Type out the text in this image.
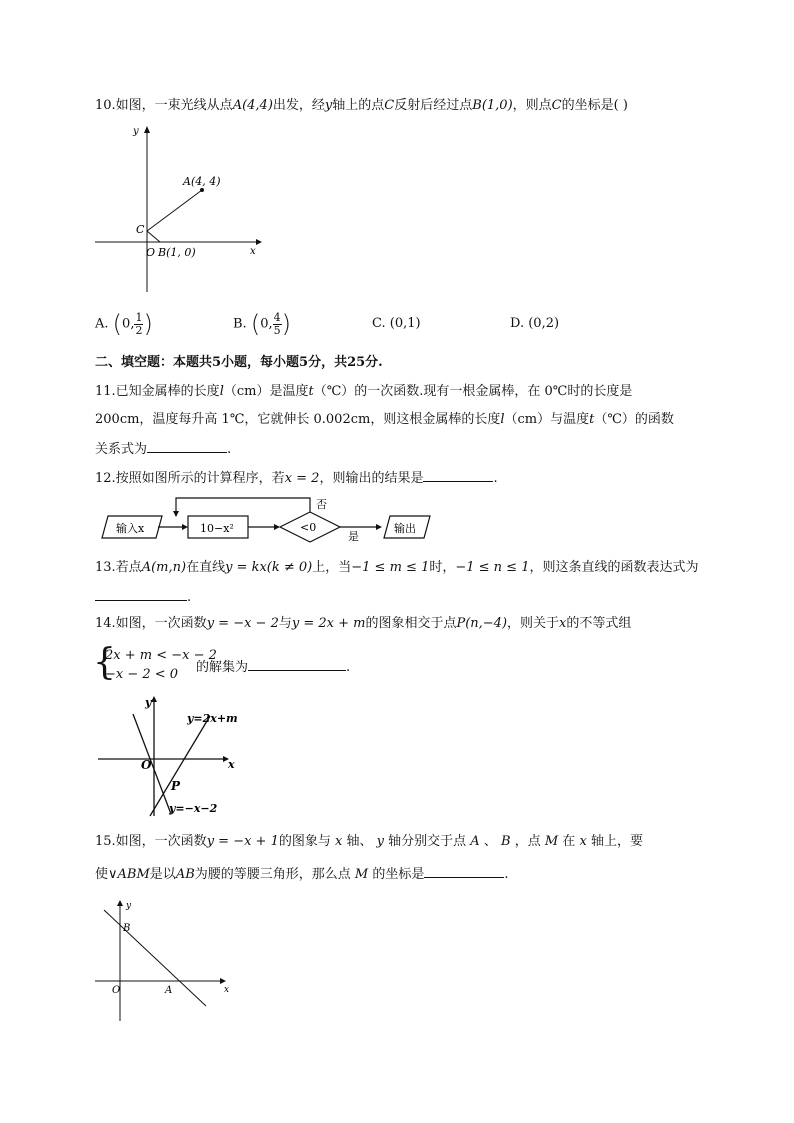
10.如图，一束光线从点A(4,4)出发，经y轴上的点C反射后经过点B(1,0)，则点C的坐标是( )
y
x
A(4, 4)
C
O B(1, 0)
A. (0, $\frac{1}{2}$ )	B. (0, $\frac{4}{5}$ )	C. (0,1)	D. (0,2)
二、填空题：本题共5小题，每小题5分，共25分.
11.已知金属棒的长度l（cm）是温度t（℃）的一次函数.现有一根金属棒，在 0℃时的长度是
200cm，温度每升高 1℃，它就伸长 0.002cm，则这根金属棒的长度l（cm）与温度t（℃）的函数
关系式为	.
12.按照如图所示的计算程序，若x = 2，则输出的结果是	.
输入x	10−x²	<0
否
是
输出
13.若点A(m,n)在直线y = kx(k ≠ 0)上，当−1 ≤ m ≤ 1时，−1 ≤ n ≤ 1，则这条直线的函数表达式为
.
14.如图，一次函数y = −x − 2与y = 2x + m的图象相交于点P(n,−4)，则关于x的不等式组
{
2x + m < −x − 2
−x − 2 < 0 的解集为	.
y
x
O
P
y=2x+m
y=−x−2
15.如图，一次函数y = −x + 1的图象与 x 轴、 y 轴分别交于点 A 、 B ，点 M 在 x 轴上，要
使∨ABM是以AB为腰的等腰三角形，那么点 M 的坐标是	.
y
x
O	A
B
